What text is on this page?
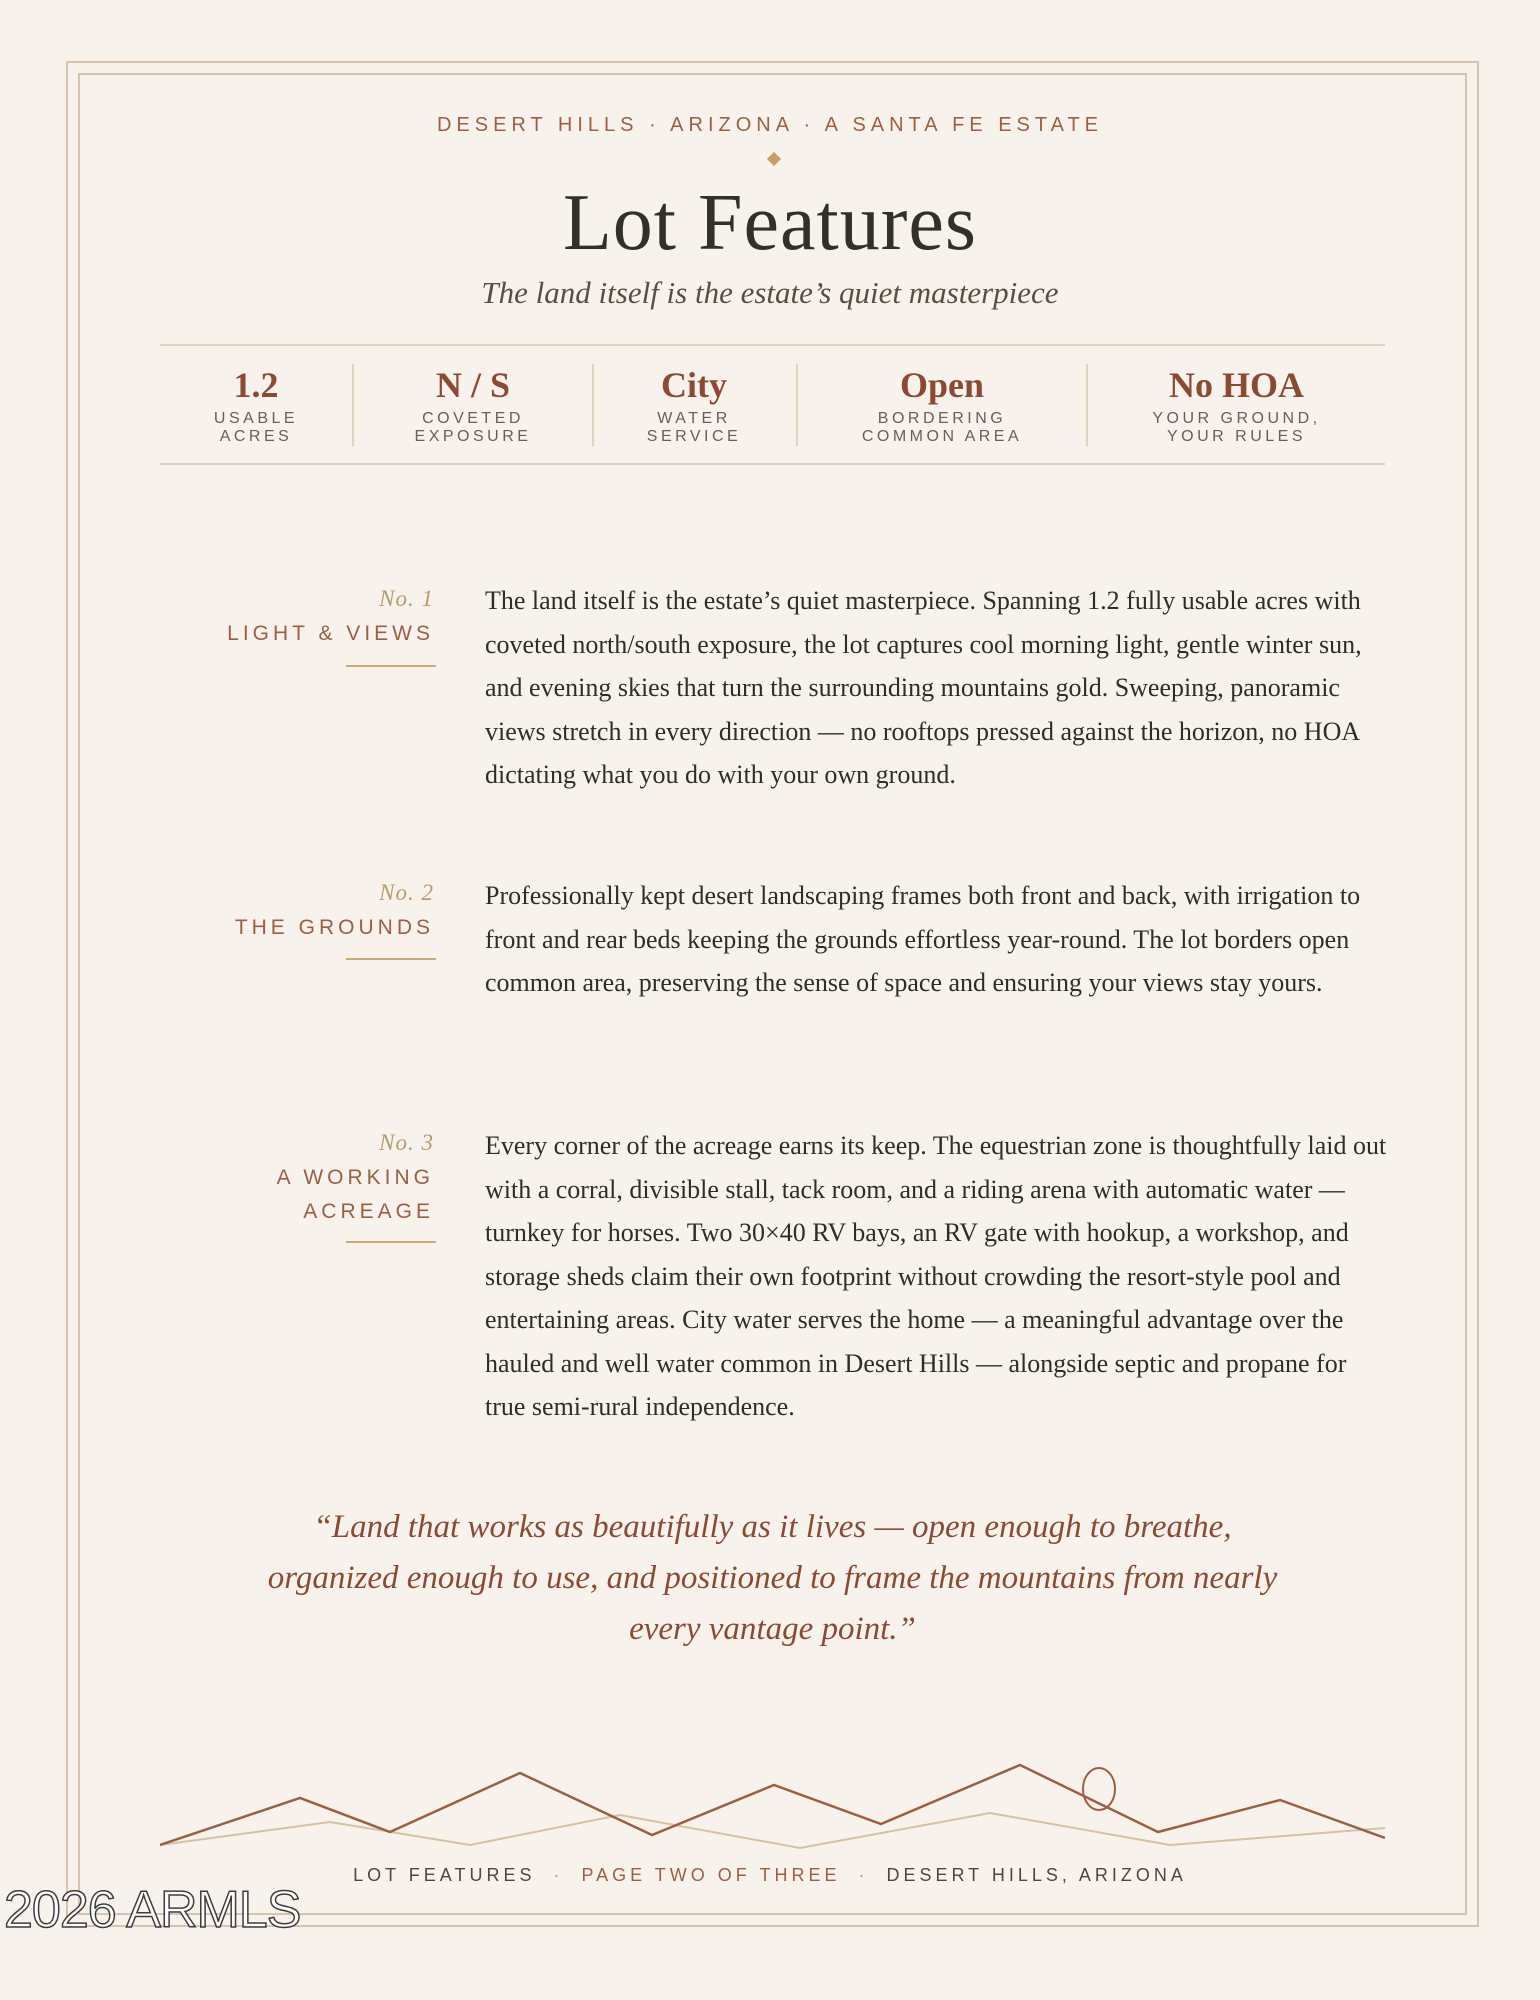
DESERT HILLS · ARIZONA · A SANTA FE ESTATE
Lot Features
The land itself is the estate’s quiet masterpiece
1.2
USABLE
ACRES
N / S
COVETED
EXPOSURE
City
WATER
SERVICE
Open
BORDERING
COMMON AREA
No HOA
YOUR GROUND,
YOUR RULES
No. 1
LIGHT & VIEWS
The land itself is the estate’s quiet masterpiece. Spanning 1.2 fully usable acres with coveted north/south exposure, the lot captures cool morning light, gentle winter sun, and evening skies that turn the surrounding mountains gold. Sweeping, panoramic views stretch in every direction — no rooftops pressed against the horizon, no HOA dictating what you do with your own ground.
No. 2
THE GROUNDS
Professionally kept desert landscaping frames both front and back, with irrigation to front and rear beds keeping the grounds effortless year-round. The lot borders open common area, preserving the sense of space and ensuring your views stay yours.
No. 3
A WORKING
ACREAGE
Every corner of the acreage earns its keep. The equestrian zone is thoughtfully laid out with a corral, divisible stall, tack room, and a riding arena with automatic water — turnkey for horses. Two 30×40 RV bays, an RV gate with hookup, a workshop, and storage sheds claim their own footprint without crowding the resort-style pool and entertaining areas. City water serves the home — a meaningful advantage over the hauled and well water common in Desert Hills — alongside septic and propane for true semi-rural independence.
“Land that works as beautifully as it lives — open enough to breathe, organized enough to use, and positioned to frame the mountains from nearly every vantage point.”
LOT FEATURES · PAGE TWO OF THREE · DESERT HILLS, ARIZONA
2026 ARMLS
